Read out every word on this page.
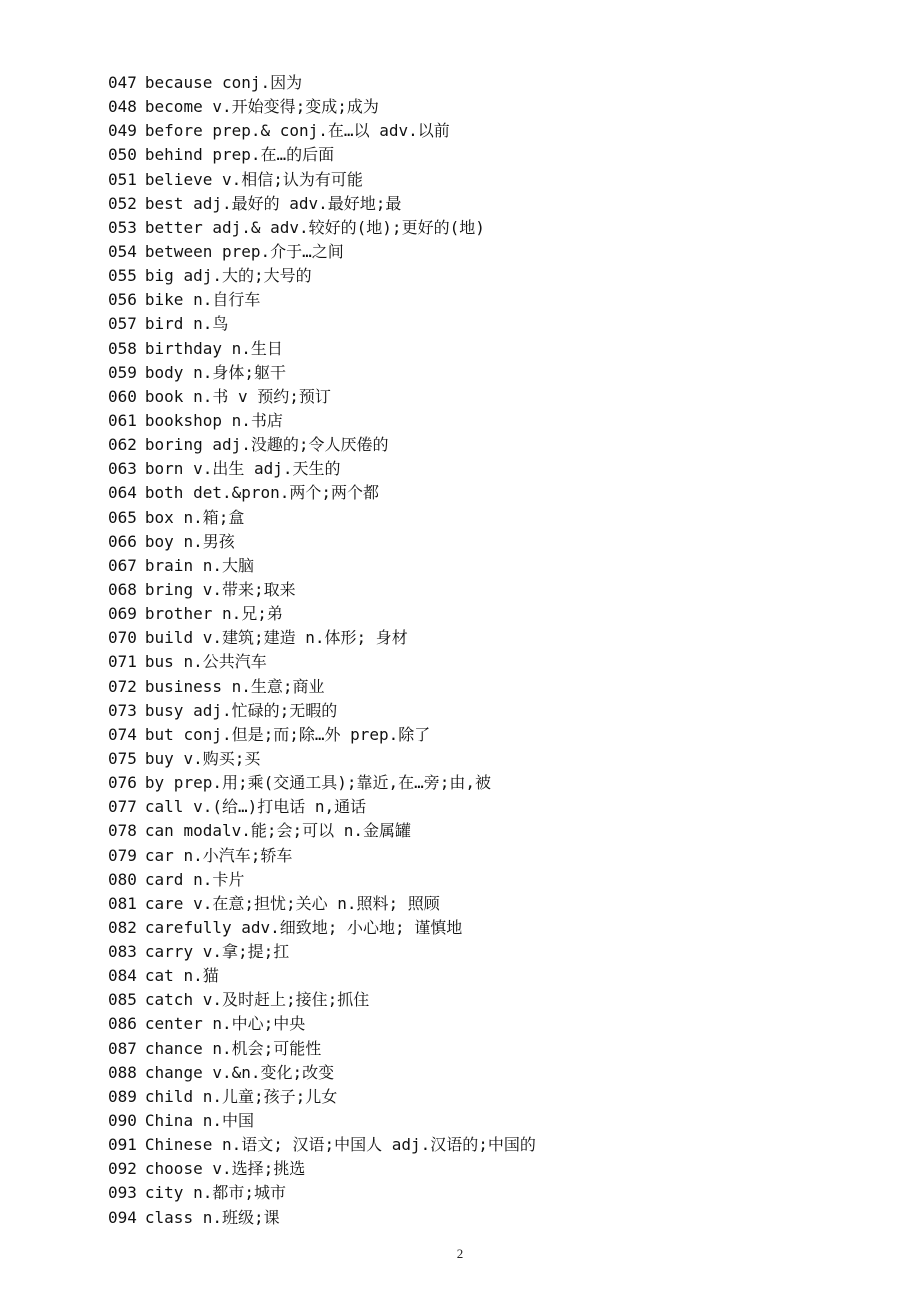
047 because conj.因为
048 become v.开始变得;变成;成为
049 before prep.& conj.在…以 adv.以前
050 behind prep.在…的后面
051 believe v.相信;认为有可能
052 best adj.最好的 adv.最好地;最
053 better adj.& adv.较好的(地);更好的(地)
054 between prep.介于…之间
055 big adj.大的;大号的
056 bike n.自行车
057 bird n.鸟
058 birthday n.生日
059 body n.身体;躯干
060 book n.书 v 预约;预订
061 bookshop n.书店
062 boring adj.没趣的;令人厌倦的
063 born v.出生 adj.天生的
064 both det.&pron.两个;两个都
065 box n.箱;盒
066 boy n.男孩
067 brain n.大脑
068 bring v.带来;取来
069 brother n.兄;弟
070 build v.建筑;建造 n.体形; 身材
071 bus n.公共汽车
072 business n.生意;商业
073 busy adj.忙碌的;无暇的
074 but conj.但是;而;除…外 prep.除了
075 buy v.购买;买
076 by prep.用;乘(交通工具);靠近,在…旁;由,被
077 call v.(给…)打电话 n,通话
078 can modalv.能;会;可以 n.金属罐
079 car n.小汽车;轿车
080 card n.卡片
081 care v.在意;担忧;关心 n.照料; 照顾
082 carefully adv.细致地; 小心地; 谨慎地
083 carry v.拿;提;扛
084 cat n.猫
085 catch v.及时赶上;接住;抓住
086 center n.中心;中央
087 chance n.机会;可能性
088 change v.&n.变化;改变
089 child n.儿童;孩子;儿女
090 China n.中国
091 Chinese n.语文; 汉语;中国人 adj.汉语的;中国的
092 choose v.选择;挑选
093 city n.都市;城市
094 class n.班级;课
2
